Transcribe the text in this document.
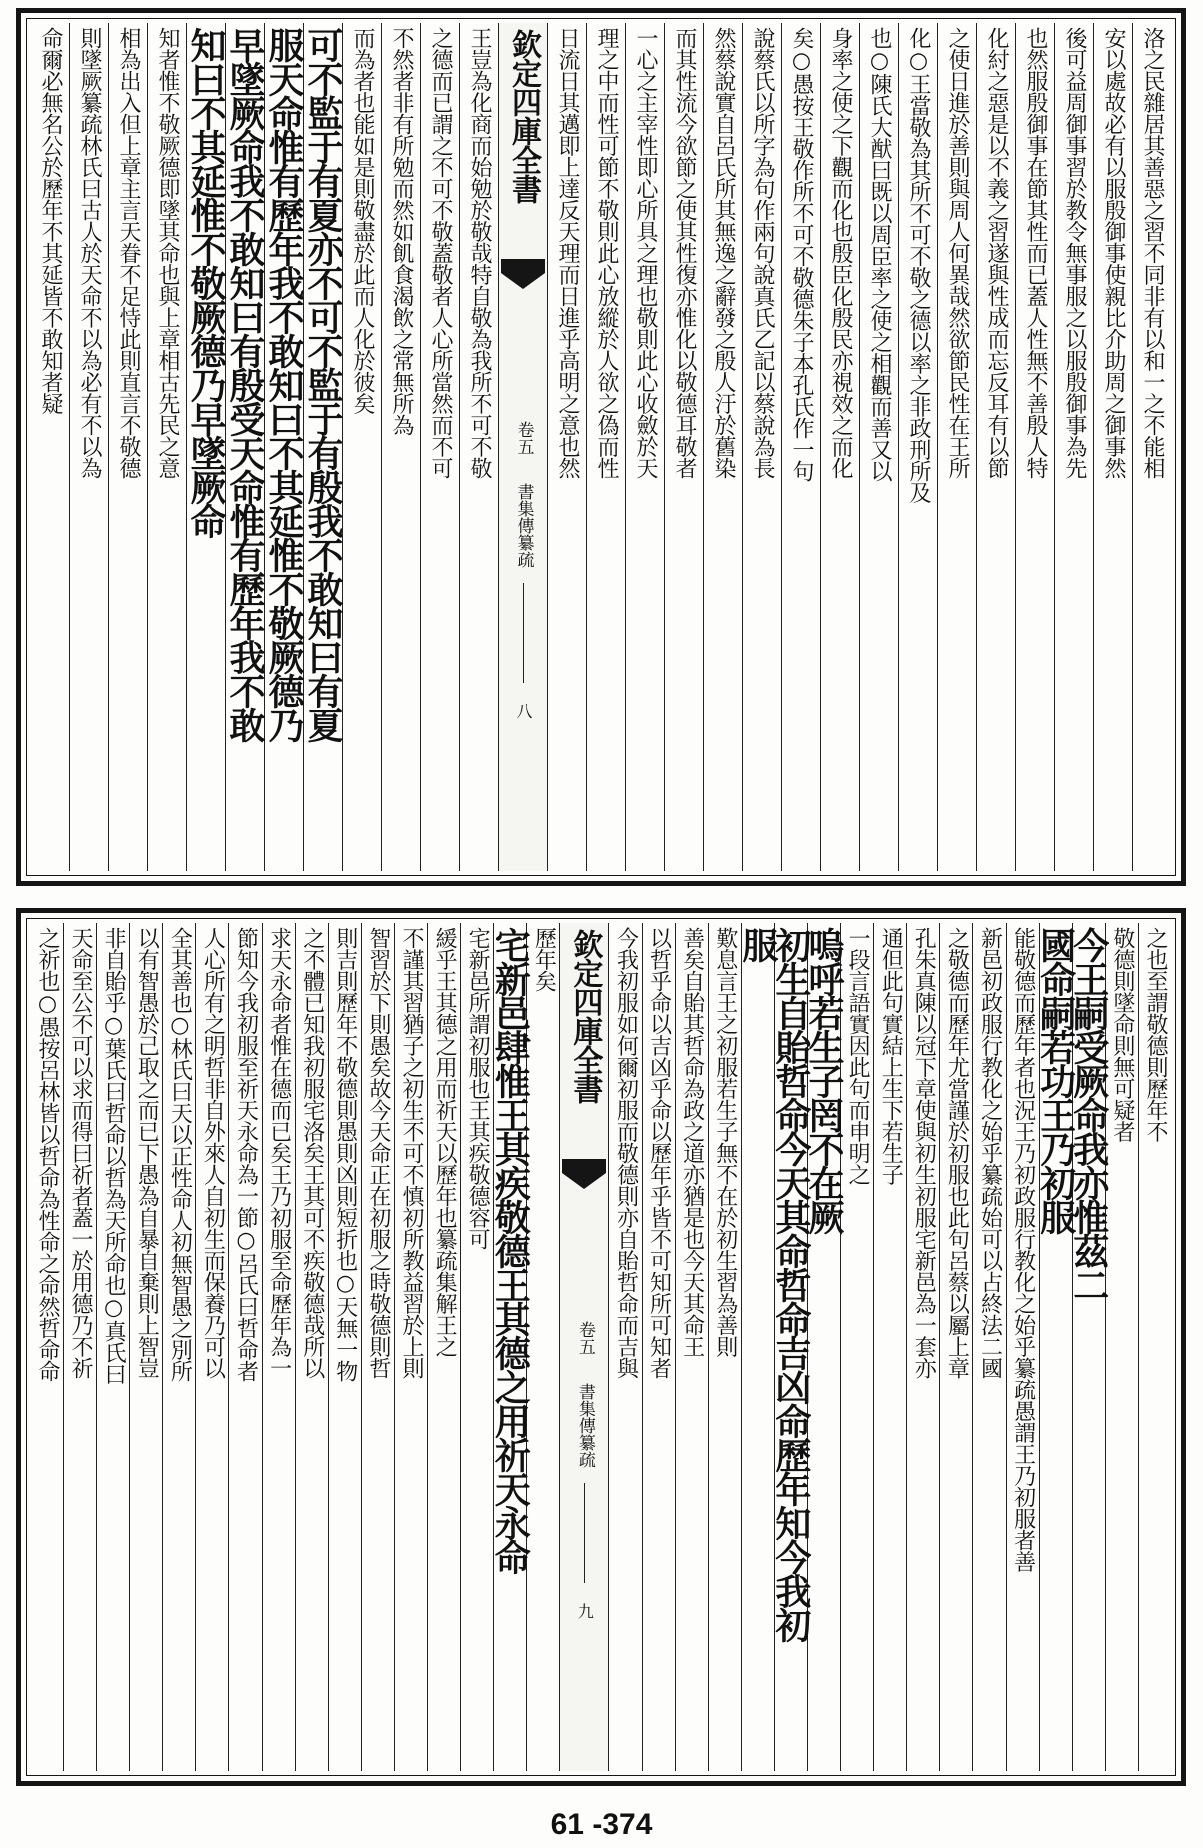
洛之民雜居其善惡之習不同非有以和一之不能相
安以處故必有以服殷御事使親比介助周之御事然
後可益周御事習於教令無事服之以服殷御事為先
也然服殷御事在節其性而已蓋人性無不善殷人特
化紂之惡是以不義之習遂與性成而忘反耳有以節
之使日進於善則與周人何異哉然欲節民性在王所
化○王當敬為其所不可不敬之德以率之非政刑所及
也○陳氏大猷曰既以周臣率之使之相觀而善又以
身率之使之下觀而化也殷臣化殷民亦視效之而化
矣○愚按王敬作所不可不敬德朱子本孔氏作一句
說蔡氏以所字為句作兩句說真氏乙記以蔡說為長
然蔡說實自呂氏所其無逸之辭發之殷人汙於舊染
而其性流今欲節之使其性復亦惟化以敬德耳敬者
一心之主宰性即心所具之理也敬則此心收斂於天
理之中而性可節不敬則此心放縱於人欲之偽而性
日流日其邁即上達反天理而日進乎高明之意也然
欽定四庫全書
卷五
書集傳纂疏
八
王豈為化商而始勉於敬哉特自敬為我所不可不敬
之德而已謂之不可不敬蓋敬者人心所當然而不可
不然者非有所勉而然如飢食渴飲之常無所為
而為者也能如是則敬盡於此而人化於彼矣
可不監于有夏亦不可不監于有殷我不敢知曰有夏
服天命惟有歷年我不敢知曰不其延惟不敬厥德乃
早墜厥命我不敢知曰有殷受天命惟有歷年我不敢
知曰不其延惟不敬厥德乃早墜厥命
知者惟不敬厥德即墜其命也與上章相古先民之意
相為出入但上章主言天眷不足恃此則直言不敬德
則墜厥纂疏林氏曰古人於天命不以為必有不以為
命爾必無名公於歷年不其延皆不敢知者疑
之也至謂敬德則歷年不
敬德則墜命則無可疑者
今王嗣受厥命我亦惟茲二
國命嗣若功王乃初服
能敬德而歷年者也況王乃初政服行教化之始乎纂疏愚謂王乃初服者善
新邑初政服行教化之始乎纂疏始可以占終法二國
之敬德而歷年尤當謹於初服也此句呂蔡以屬上章
孔朱真陳以冠下章使與初生初服宅新邑為一套亦
通但此句實結上生下若生子
一段言語實因此句而申明之
嗚呼若生子罔不在厥
初生自貽哲命今天其命哲命吉凶命歷年知今我初
服
歎息言王之初服若生子無不在於初生習為善則
善矣自貽其哲命為政之道亦猶是也今天其命王
以哲乎命以吉凶乎命以歷年乎皆不可知所可知者
今我初服如何爾初服而敬德則亦自貽哲命而吉與
欽定四庫全書
卷五
書集傳纂疏
九
歷年矣
宅新邑肆惟王其疾敬德王其德之用祈天永命
宅新邑所謂初服也王其疾敬德容可
緩乎王其德之用而祈天以歷年也纂疏集解王之
不謹其習猶子之初生不可不慎初所教益習於上則
智習於下則愚矣故今天命正在初服之時敬德則哲
則吉則歷年不敬德則愚則凶則短折也○天無一物
之不體已知我初服宅洛矣王其可不疾敬德哉所以
求天永命者惟在德而已矣王乃初服至命歷年為一
節知今我初服至祈天永命為一節○呂氏曰哲命者
人心所有之明哲非自外來人自初生而保養乃可以
全其善也○林氏曰天以正性命人初無智愚之別所
以有智愚於己取之而已下愚為自暴自棄則上智豈
非自貽乎○葉氏曰哲命以哲為天所命也○真氏曰
天命至公不可以求而得曰祈者蓋一於用德乃不祈
之祈也○愚按呂林皆以哲命為性命之命然哲命命
61 -374
